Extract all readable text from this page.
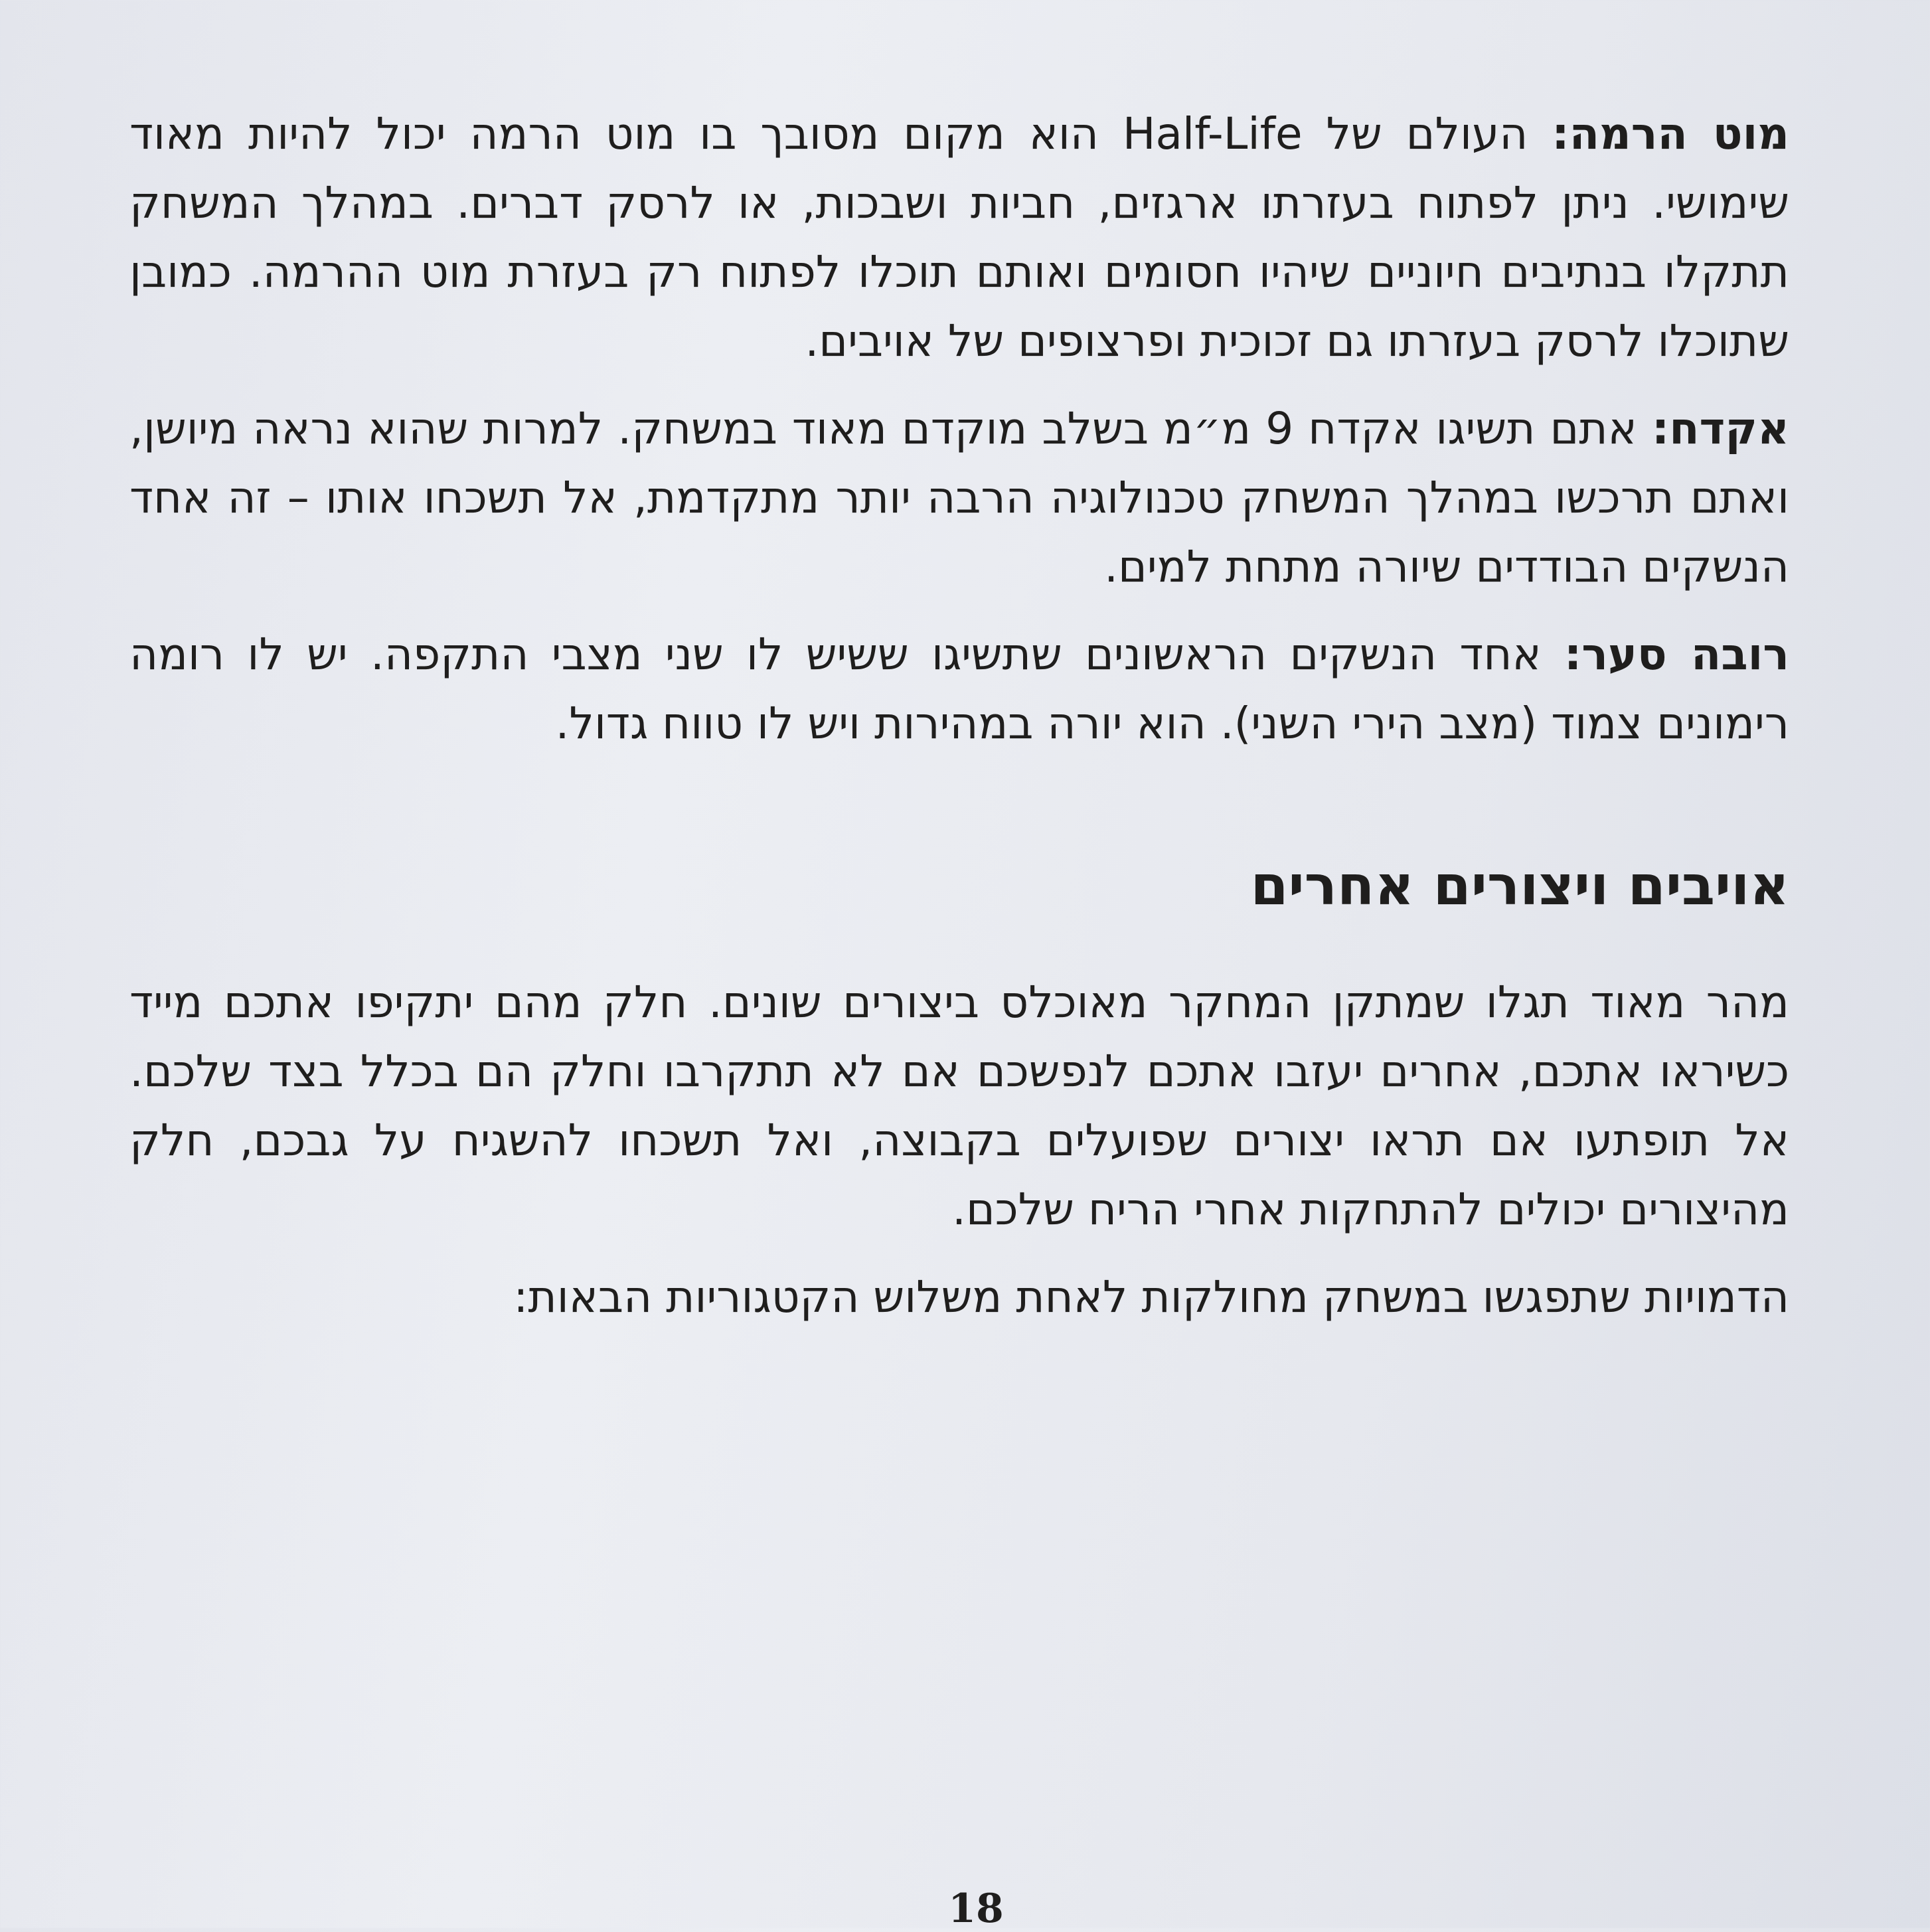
מוט הרמה: העולם של Half-Life הוא מקום מסובך בו מוט הרמה יכול להיות מאוד שימושי. ניתן לפתוח בעזרתו ארגזים, חביות ושבכות, או לרסק דברים. במהלך המשחק תתקלו בנתיבים חיוניים שיהיו חסומים ואותם תוכלו לפתוח רק בעזרת מוט ההרמה. כמובן שתוכלו לרסק בעזרתו גם זכוכית ופרצופים של אויבים.

אקדח: אתם תשיגו אקדח 9 מ״מ בשלב מוקדם מאוד במשחק. למרות שהוא נראה מיושן, ואתם תרכשו במהלך המשחק טכנולוגיה הרבה יותר מתקדמת, אל תשכחו אותו – זה אחד הנשקים הבודדים שיורה מתחת למים.

רובה סער: אחד הנשקים הראשונים שתשיגו ששיש לו שני מצבי התקפה. יש לו רומה רימונים צמוד (מצב הירי השני). הוא יורה במהירות ויש לו טווח גדול.

אויבים ויצורים אחרים

מהר מאוד תגלו שמתקן המחקר מאוכלס ביצורים שונים. חלק מהם יתקיפו אתכם מייד כשיראו אתכם, אחרים יעזבו אתכם לנפשכם אם לא תתקרבו וחלק הם בכלל בצד שלכם. אל תופתעו אם תראו יצורים שפועלים בקבוצה, ואל תשכחו להשגיח על גבכם, חלק מהיצורים יכולים להתחקות אחרי הריח שלכם.

הדמויות שתפגשו במשחק מחולקות לאחת משלוש הקטגוריות הבאות:

18
